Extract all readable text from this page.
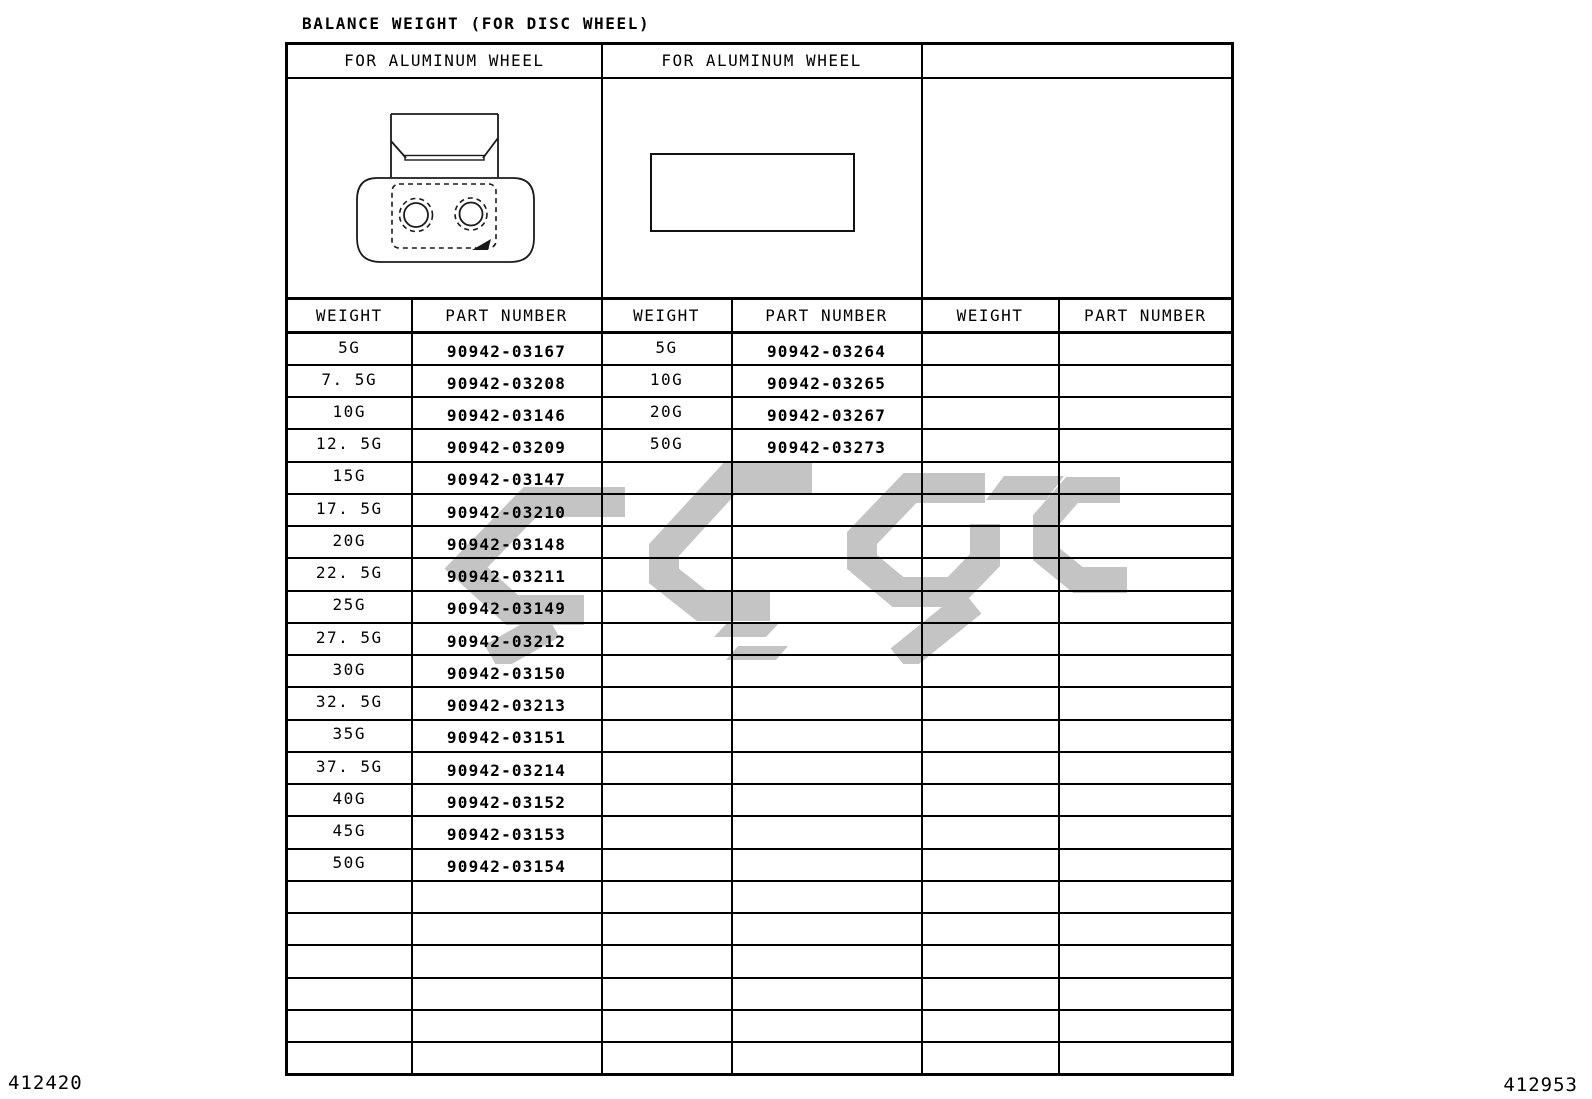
BALANCE WEIGHT (FOR DISC WHEEL)
FOR ALUMINUM WHEEL		FOR ALUMINUM WHEEL			

WEIGHT	PART NUMBER	WEIGHT	PART NUMBER	WEIGHT	PART NUMBER
5G	90942-03167	5G	90942-03264		
7. 5G	90942-03208	10G	90942-03265		
10G	90942-03146	20G	90942-03267		
12. 5G	90942-03209	50G	90942-03273		
15G	90942-03147				
17. 5G	90942-03210				
20G	90942-03148				
22. 5G	90942-03211				
25G	90942-03149				
27. 5G	90942-03212				
30G	90942-03150				
32. 5G	90942-03213				
35G	90942-03151				
37. 5G	90942-03214				
40G	90942-03152				
45G	90942-03153				
50G	90942-03154				

412420	412953
